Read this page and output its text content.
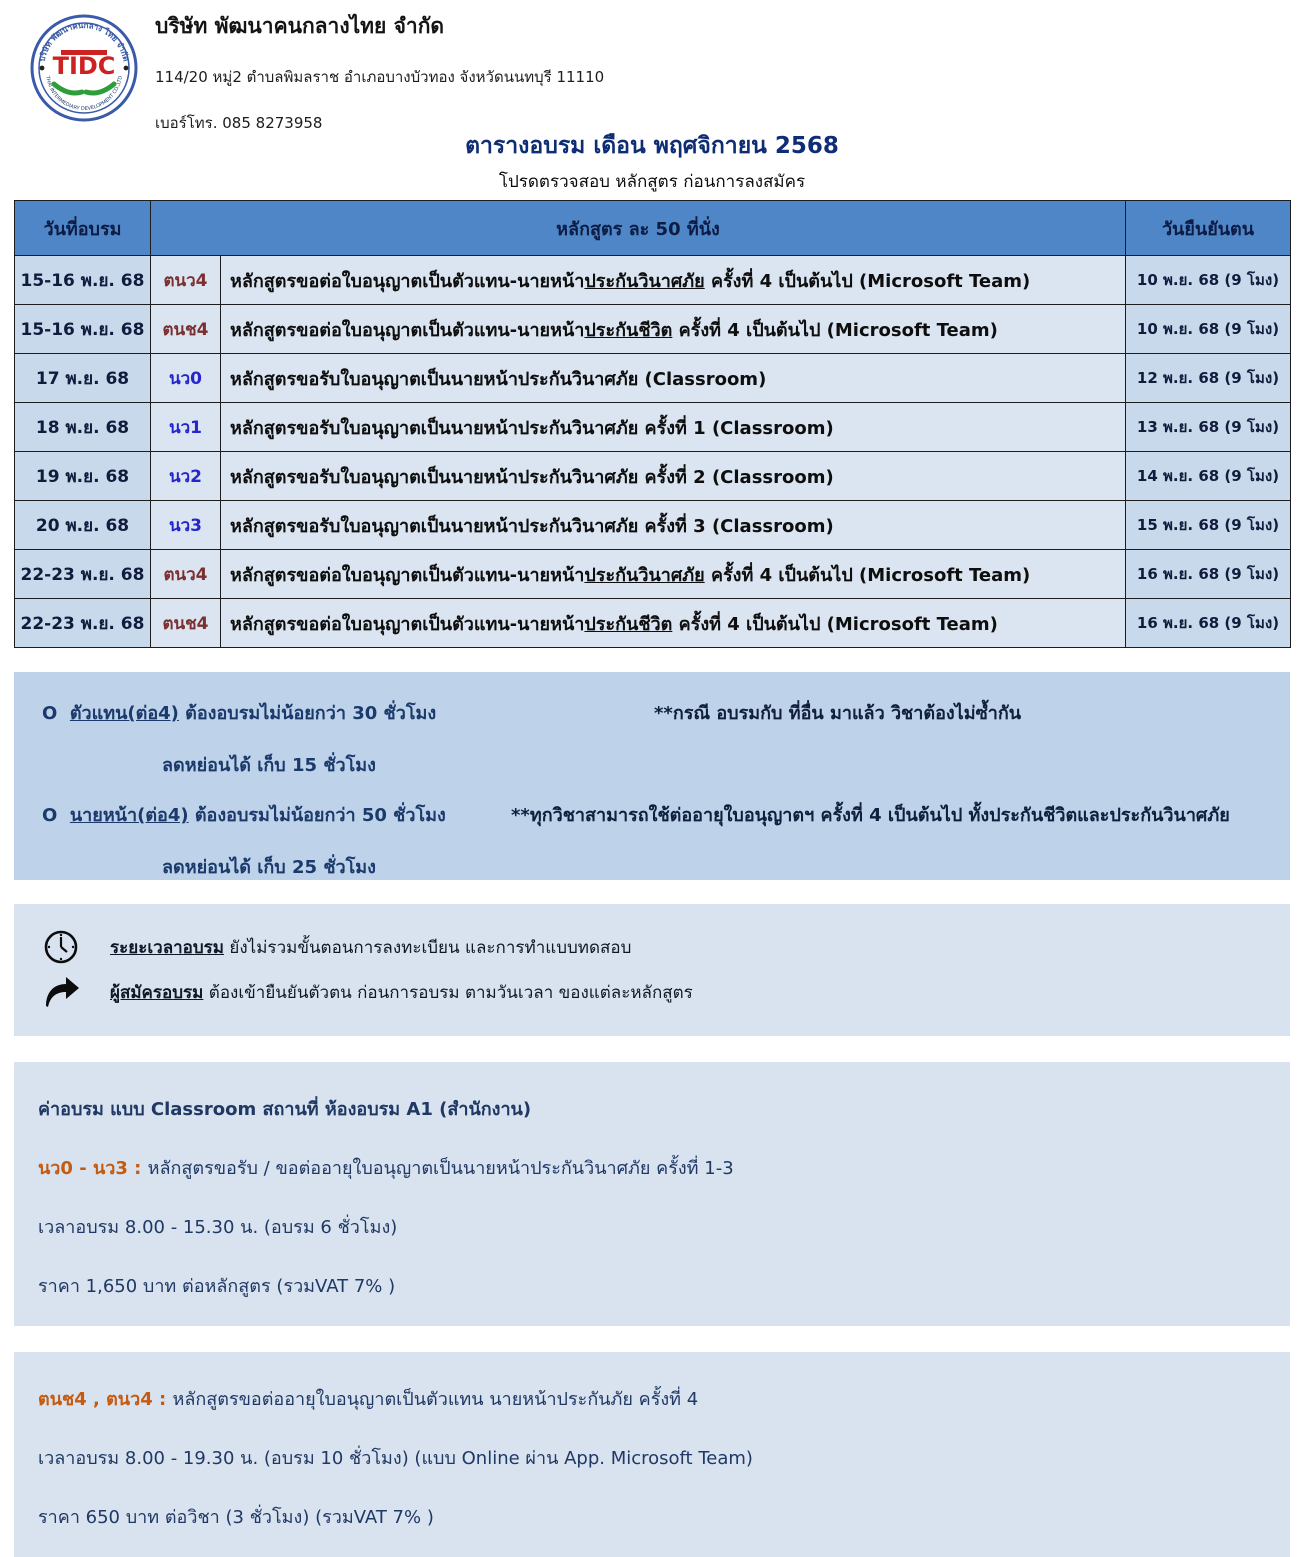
บริษัท พัฒนาคนกลาง ไทย จำกัด
THAI INTERMEDIARY DEVELOPMENT CO.,LTD
TIDC
บริษัท พัฒนาคนกลางไทย จำกัด
114/20 หมู่2 ตำบลพิมลราช อำเภอบางบัวทอง จังหวัดนนทบุรี 11110
เบอร์โทร. 085 8273958
ตารางอบรม เดือน พฤศจิกายน 2568
โปรดตรวจสอบ หลักสูตร ก่อนการลงสมัคร
วันที่อบรม	หลักสูตร ละ 50 ที่นั่ง		วันยืนยันตน
15-16 พ.ย. 68	ตนว4	หลักสูตรขอต่อใบอนุญาตเป็นตัวแทน-นายหน้าประกันวินาศภัย ครั้งที่ 4 เป็นต้นไป (Microsoft Team)	10 พ.ย. 68 (9 โมง)
15-16 พ.ย. 68	ตนช4	หลักสูตรขอต่อใบอนุญาตเป็นตัวแทน-นายหน้าประกันชีวิต ครั้งที่ 4 เป็นต้นไป (Microsoft Team)	10 พ.ย. 68 (9 โมง)
17 พ.ย. 68	นว0	หลักสูตรขอรับใบอนุญาตเป็นนายหน้าประกันวินาศภัย (Classroom)	12 พ.ย. 68 (9 โมง)
18 พ.ย. 68	นว1	หลักสูตรขอรับใบอนุญาตเป็นนายหน้าประกันวินาศภัย ครั้งที่ 1 (Classroom)	13 พ.ย. 68 (9 โมง)
19 พ.ย. 68	นว2	หลักสูตรขอรับใบอนุญาตเป็นนายหน้าประกันวินาศภัย ครั้งที่ 2 (Classroom)	14 พ.ย. 68 (9 โมง)
20 พ.ย. 68	นว3	หลักสูตรขอรับใบอนุญาตเป็นนายหน้าประกันวินาศภัย ครั้งที่ 3 (Classroom)	15 พ.ย. 68 (9 โมง)
22-23 พ.ย. 68	ตนว4	หลักสูตรขอต่อใบอนุญาตเป็นตัวแทน-นายหน้าประกันวินาศภัย ครั้งที่ 4 เป็นต้นไป (Microsoft Team)	16 พ.ย. 68 (9 โมง)
22-23 พ.ย. 68	ตนช4	หลักสูตรขอต่อใบอนุญาตเป็นตัวแทน-นายหน้าประกันชีวิต ครั้งที่ 4 เป็นต้นไป (Microsoft Team)	16 พ.ย. 68 (9 โมง)
O ตัวแทน(ต่อ4) ต้องอบรมไม่น้อยกว่า 30 ชั่วโมง	**กรณี อบรมกับ ที่อื่น มาแล้ว วิชาต้องไม่ซ้ำกัน
ลดหย่อนได้ เก็บ 15 ชั่วโมง
O นายหน้า(ต่อ4) ต้องอบรมไม่น้อยกว่า 50 ชั่วโมง	**ทุกวิชาสามารถใช้ต่ออายุใบอนุญาตฯ ครั้งที่ 4 เป็นต้นไป ทั้งประกันชีวิตและประกันวินาศภัย
ลดหย่อนได้ เก็บ 25 ชั่วโมง
ระยะเวลาอบรม ยังไม่รวมขั้นตอนการลงทะเบียน และการทำแบบทดสอบ
ผู้สมัครอบรม ต้องเข้ายืนยันตัวตน ก่อนการอบรม ตามวันเวลา ของแต่ละหลักสูตร
ค่าอบรม แบบ Classroom สถานที่ ห้องอบรม A1 (สำนักงาน)
นว0 - นว3 : หลักสูตรขอรับ / ขอต่ออายุใบอนุญาตเป็นนายหน้าประกันวินาศภัย ครั้งที่ 1-3
เวลาอบรม 8.00 - 15.30 น. (อบรม 6 ชั่วโมง)
ราคา 1,650 บาท ต่อหลักสูตร (รวมVAT 7% )
ตนช4 , ตนว4 : หลักสูตรขอต่ออายุใบอนุญาตเป็นตัวแทน นายหน้าประกันภัย ครั้งที่ 4
เวลาอบรม 8.00 - 19.30 น. (อบรม 10 ชั่วโมง) (แบบ Online ผ่าน App. Microsoft Team)
ราคา 650 บาท ต่อวิชา (3 ชั่วโมง) (รวมVAT 7% )
